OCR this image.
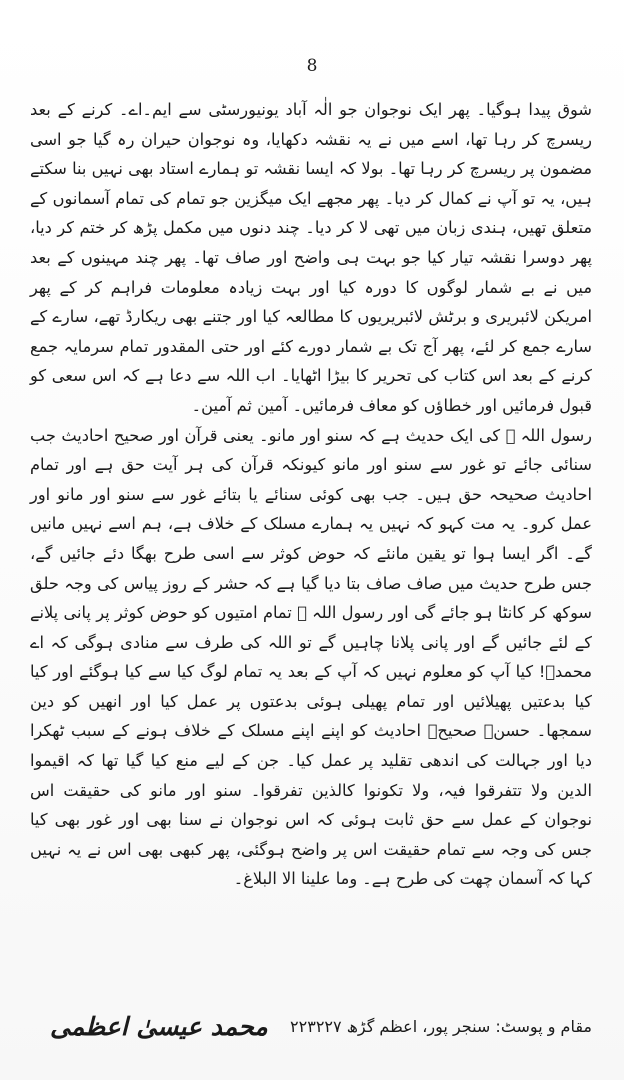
8

شوق پیدا ہوگیا۔ پھر ایک نوجوان جو الٰہ آباد یونیورسٹی سے ایم۔اے۔ کرنے کے بعد ریسرچ کر رہا تھا، اسے میں نے یہ نقشہ دکھایا، وہ نوجوان حیران رہ گیا جو اسی مضمون پر ریسرچ کر رہا تھا۔ بولا کہ ایسا نقشہ تو ہمارے استاد بھی نہیں بنا سکتے ہیں، یہ تو آپ نے کمال کر دیا۔ پھر مجھے ایک میگزین جو تمام کی تمام آسمانوں کے متعلق تھیں، ہندی زبان میں تھی لا کر دیا۔ چند دنوں میں مکمل پڑھ کر ختم کر دیا، پھر دوسرا نقشہ تیار کیا جو بہت ہی واضح اور صاف تھا۔ پھر چند مہینوں کے بعد میں نے بے شمار لوگوں کا دورہ کیا اور بہت زیادہ معلومات فراہم کر کے پھر امریکن لائبریری و برٹش لائبریریوں کا مطالعہ کیا اور جتنے بھی ریکارڈ تھے، سارے کے سارے جمع کر لئے، پھر آج تک بے شمار دورے کئے اور حتی المقدور تمام سرمایہ جمع کرنے کے بعد اس کتاب کی تحریر کا بیڑا اٹھایا۔ اب اللہ سے دعا ہے کہ اس سعی کو قبول فرمائیں اور خطاؤں کو معاف فرمائیں۔ آمین ثم آمین۔

رسول اللہ ﷺ کی ایک حدیث ہے کہ سنو اور مانو۔ یعنی قرآن اور صحیح احادیث جب سنائی جائے تو غور سے سنو اور مانو کیونکہ قرآن کی ہر آیت حق ہے اور تمام احادیث صحیحہ حق ہیں۔ جب بھی کوئی سنائے یا بتائے غور سے سنو اور مانو اور عمل کرو۔ یہ مت کہو کہ نہیں یہ ہمارے مسلک کے خلاف ہے، ہم اسے نہیں مانیں گے۔ اگر ایسا ہوا تو یقین مانئے کہ حوض کوثر سے اسی طرح بھگا دئے جائیں گے، جس طرح حدیث میں صاف صاف بتا دیا گیا ہے کہ حشر کے روز پیاس کی وجہ حلق سوکھ کر کانٹا ہو جائے گی اور رسول اللہ ﷺ تمام امتیوں کو حوض کوثر پر پانی پلانے کے لئے جائیں گے اور پانی پلانا چاہیں گے تو اللہ کی طرف سے منادی ہوگی کہ اے محمدؐ! کیا آپ کو معلوم نہیں کہ آپ کے بعد یہ تمام لوگ کیا سے کیا ہوگئے اور کیا کیا بدعتیں پھیلائیں اور تمام پھیلی ہوئی بدعتوں پر عمل کیا اور انھیں کو دین سمجھا۔ حسنؔ صحیحؔ احادیث کو اپنے اپنے مسلک کے خلاف ہونے کے سبب ٹھکرا دیا اور جہالت کی اندھی تقلید پر عمل کیا۔ جن کے لیے منع کیا گیا تھا کہ اقیموا الدین ولا تتفرقوا فیہ، ولا تکونوا کالذین تفرقوا۔ سنو اور مانو کی حقیقت اس نوجوان کے عمل سے حق ثابت ہوئی کہ اس نوجوان نے سنا بھی اور غور بھی کیا جس کی وجہ سے تمام حقیقت اس پر واضح ہوگئی، پھر کبھی بھی اس نے یہ نہیں کہا کہ آسمان چھت کی طرح ہے۔ وما علینا الا البلاغ۔

مقام و پوسٹ: سنجر پور، اعظم گڑھ ۲۲۳۲۲۷
محمد عیسیٰ اعظمی
